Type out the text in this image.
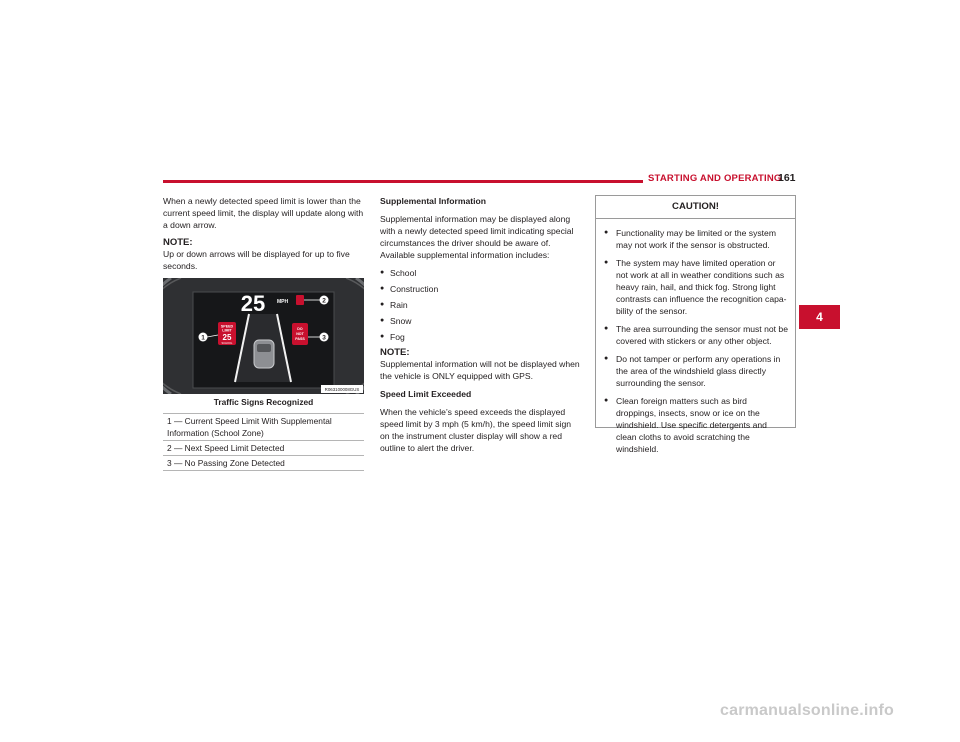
STARTING AND OPERATING
161

When a newly detected speed limit is lower than the current speed limit, the display will update along with a down arrow.

NOTE:

Up or down arrows will be displayed for up to five seconds.

SPEED
LIMIT
25
SCHOOL
DO
NOT
PASS
25 MPH
1
2
3
R063100008GUS
Traffic Signs Recognized
1 — Current Speed Limit With Supplemental Information (School Zone)
2 — Next Speed Limit Detected
3 — No Passing Zone Detected
Supplemental Information

Supplemental information may be displayed along with a newly detected speed limit indicating special circumstances the driver should be aware of. Available supplemental information includes:

● School
● Construction
● Rain
● Snow
● Fog
NOTE:

Supplemental information will not be displayed when the vehicle is ONLY equipped with GPS.

Speed Limit Exceeded

When the vehicle’s speed exceeds the displayed speed limit by 3 mph (5 km/h), the speed limit sign on the instrument cluster display will show a red outline to alert the driver.

CAUTION!
● Functionality may be limited or the system may not work if the sensor is obstructed.
● The system may have limited operation or not work at all in weather conditions such as heavy rain, hail, and thick fog. Strong light contrasts can influence the recognition capa-bility of the sensor.
● The area surrounding the sensor must not be covered with stickers or any other object.
● Do not tamper or perform any operations in the area of the windshield glass directly surrounding the sensor.
● Clean foreign matters such as bird droppings, insects, snow or ice on the windshield. Use specific detergents and clean cloths to avoid scratching the windshield.
4
carmanualsonline.info
